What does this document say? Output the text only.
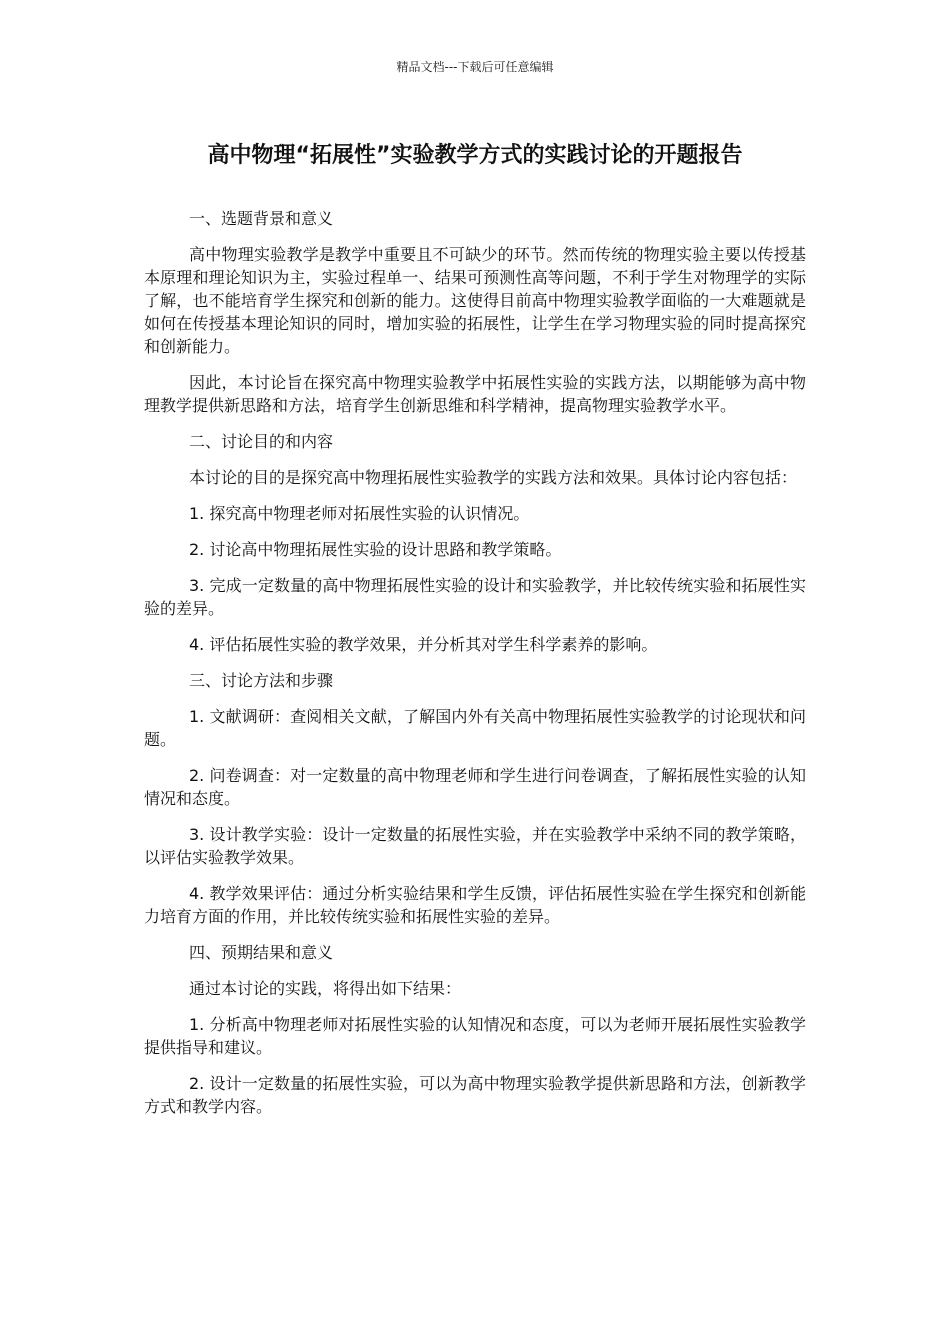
精品文档---下载后可任意编辑
高中物理“拓展性”实验教学方式的实践讨论的开题报告

一、选题背景和意义

高中物理实验教学是教学中重要且不可缺少的环节。然而传统的物理实验主要以传授基本原理和理论知识为主，实验过程单一、结果可预测性高等问题，不利于学生对物理学的实际了解，也不能培育学生探究和创新的能力。这使得目前高中物理实验教学面临的一大难题就是如何在传授基本理论知识的同时，增加实验的拓展性，让学生在学习物理实验的同时提高探究和创新能力。

因此，本讨论旨在探究高中物理实验教学中拓展性实验的实践方法，以期能够为高中物理教学提供新思路和方法，培育学生创新思维和科学精神，提高物理实验教学水平。

二、讨论目的和内容

本讨论的目的是探究高中物理拓展性实验教学的实践方法和效果。具体讨论内容包括：

1. 探究高中物理老师对拓展性实验的认识情况。

2. 讨论高中物理拓展性实验的设计思路和教学策略。

3. 完成一定数量的高中物理拓展性实验的设计和实验教学，并比较传统实验和拓展性实验的差异。

4. 评估拓展性实验的教学效果，并分析其对学生科学素养的影响。

三、讨论方法和步骤

1. 文献调研：查阅相关文献，了解国内外有关高中物理拓展性实验教学的讨论现状和问题。

2. 问卷调查：对一定数量的高中物理老师和学生进行问卷调查，了解拓展性实验的认知情况和态度。

3. 设计教学实验：设计一定数量的拓展性实验，并在实验教学中采纳不同的教学策略，以评估实验教学效果。

4. 教学效果评估：通过分析实验结果和学生反馈，评估拓展性实验在学生探究和创新能力培育方面的作用，并比较传统实验和拓展性实验的差异。

四、预期结果和意义

通过本讨论的实践，将得出如下结果：

1. 分析高中物理老师对拓展性实验的认知情况和态度，可以为老师开展拓展性实验教学提供指导和建议。

2. 设计一定数量的拓展性实验，可以为高中物理实验教学提供新思路和方法，创新教学方式和教学内容。
